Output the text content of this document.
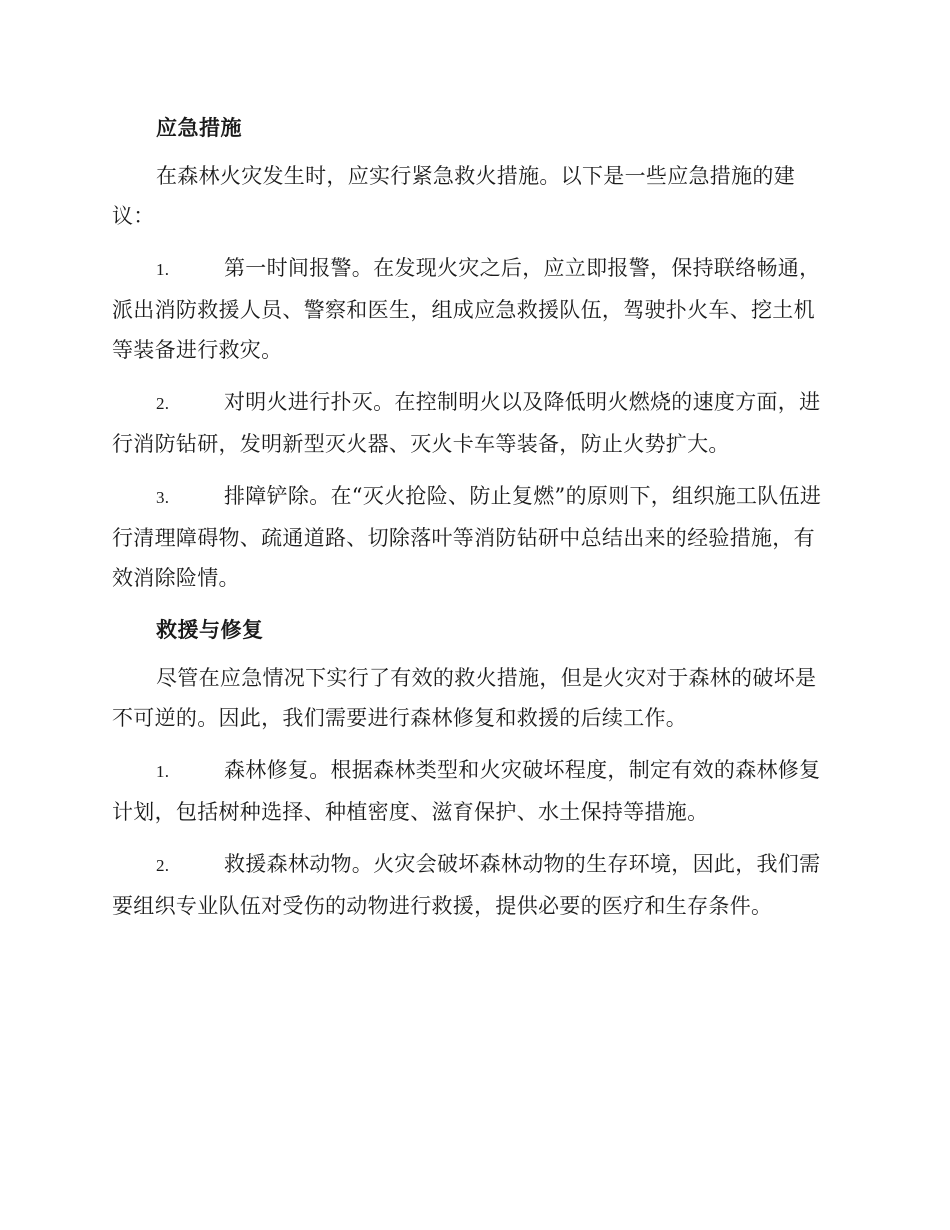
应急措施
在森林火灾发生时，应实行紧急救火措施。以下是一些应急措施的建议：
1.	第一时间报警。在发现火灾之后，应立即报警，保持联络畅通，派出消防救援人员、警察和医生，组成应急救援队伍，驾驶扑火车、挖土机等装备进行救灾。
2.	对明火进行扑灭。在控制明火以及降低明火燃烧的速度方面，进行消防钻研，发明新型灭火器、灭火卡车等装备，防止火势扩大。
3.	排障铲除。在“灭火抢险、防止复燃”的原则下，组织施工队伍进行清理障碍物、疏通道路、切除落叶等消防钻研中总结出来的经验措施，有效消除险情。
救援与修复
尽管在应急情况下实行了有效的救火措施，但是火灾对于森林的破坏是不可逆的。因此，我们需要进行森林修复和救援的后续工作。
1.	森林修复。根据森林类型和火灾破坏程度，制定有效的森林修复计划，包括树种选择、种植密度、滋育保护、水土保持等措施。
2.	救援森林动物。火灾会破坏森林动物的生存环境，因此，我们需要组织专业队伍对受伤的动物进行救援，提供必要的医疗和生存条件。
